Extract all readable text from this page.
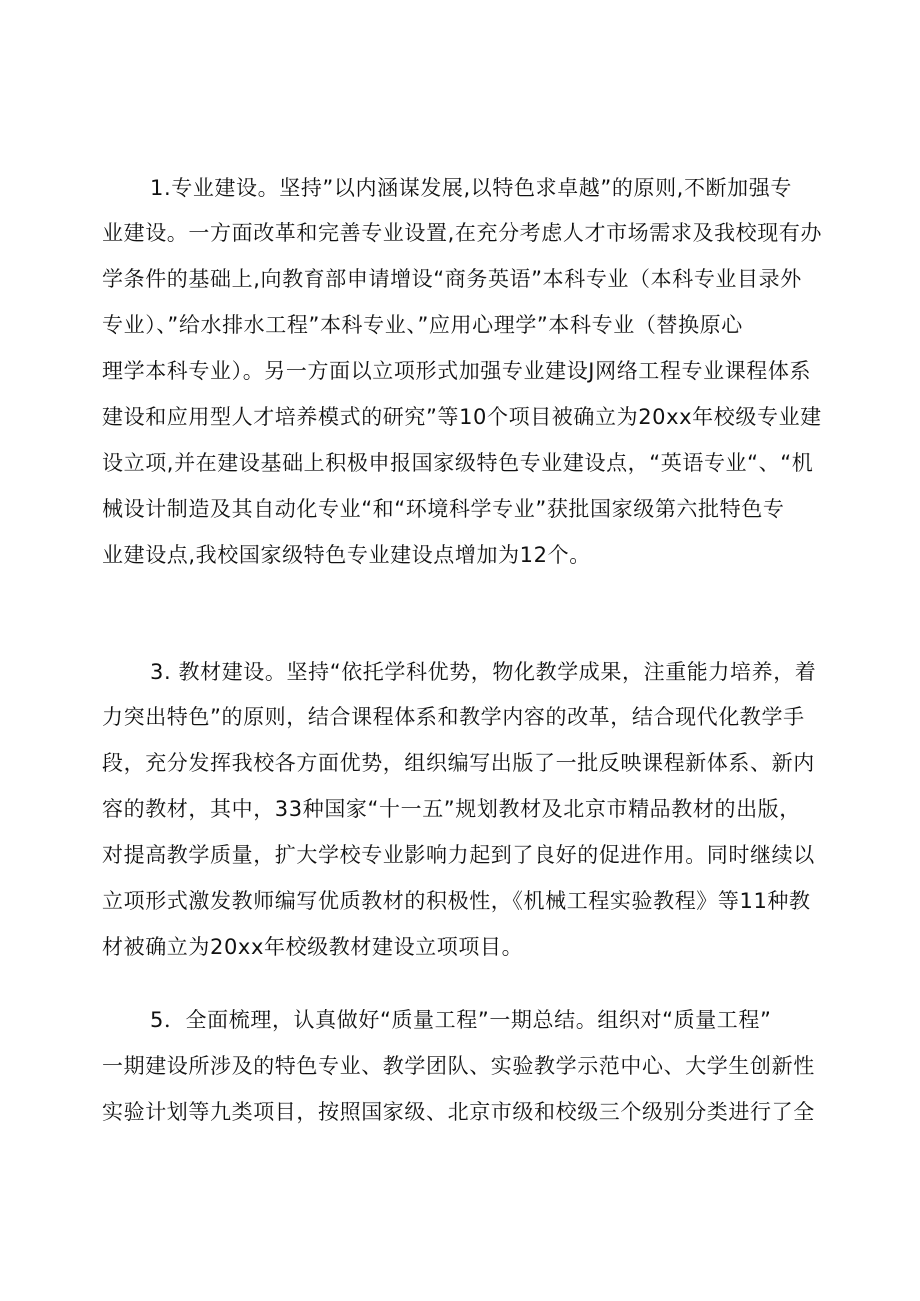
1.专业建设。坚持”以内涵谋发展,以特色求卓越”的原则,不断加强专
业建设。一方面改革和完善专业设置,在充分考虑人才市场需求及我校现有办
学条件的基础上,向教育部申请增设“商务英语”本科专业（本科专业目录外
专业）、”给水排水工程”本科专业、”应用心理学”本科专业（替换原心
理学本科专业）。另一方面以立项形式加强专业建设J网络工程专业课程体系
建设和应用型人才培养模式的研究”等10个项目被确立为20xx年校级专业建
设立项,并在建设基础上积极申报国家级特色专业建设点，“英语专业“、“机
械设计制造及其自动化专业“和“环境科学专业”获批国家级第六批特色专
业建设点,我校国家级特色专业建设点增加为12个。
3. 教材建设。坚持“依托学科优势，物化教学成果，注重能力培养，着
力突出特色”的原则，结合课程体系和教学内容的改革，结合现代化教学手
段，充分发挥我校各方面优势，组织编写出版了一批反映课程新体系、新内
容的教材，其中，33种国家“十一五”规划教材及北京市精品教材的出版，
对提高教学质量，扩大学校专业影响力起到了良好的促进作用。同时继续以
立项形式激发教师编写优质教材的积极性，《机械工程实验教程》等11种教
材被确立为20xx年校级教材建设立项项目。
5．全面梳理，认真做好“质量工程”一期总结。组织对“质量工程”
一期建设所涉及的特色专业、教学团队、实验教学示范中心、大学生创新性
实验计划等九类项目，按照国家级、北京市级和校级三个级别分类进行了全
